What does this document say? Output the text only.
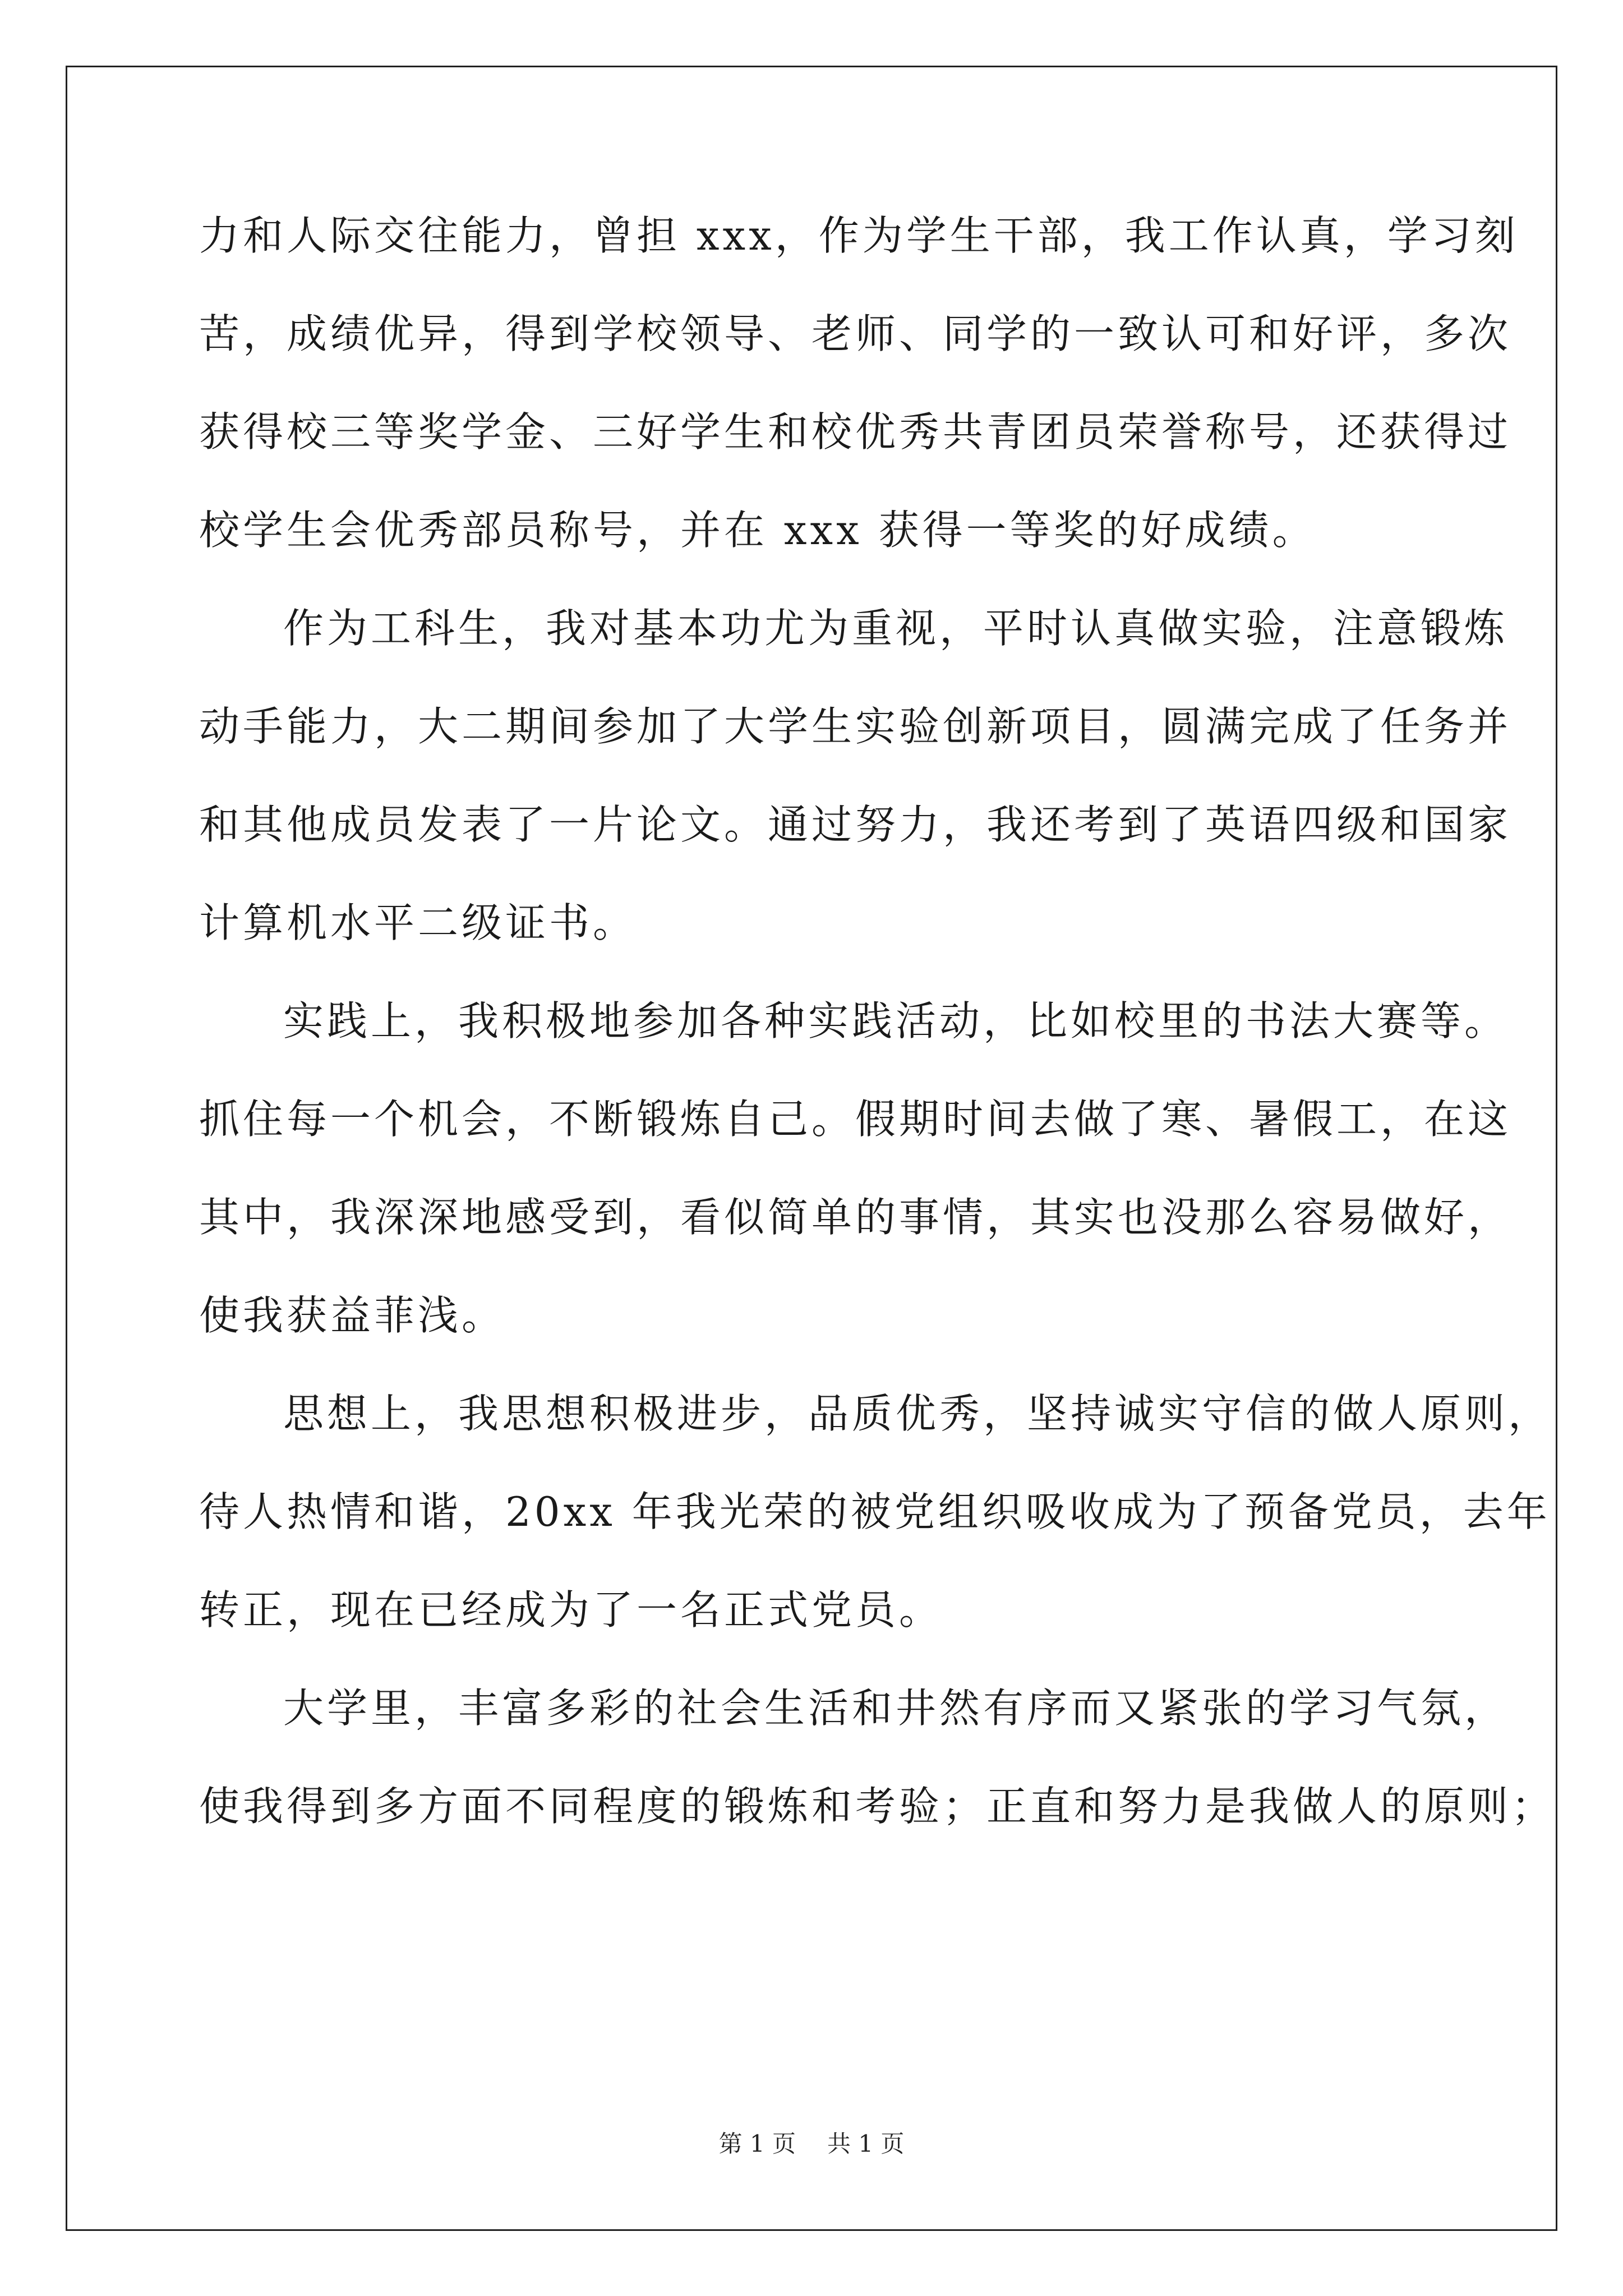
力和人际交往能力，曾担 xxx，作为学生干部，我工作认真，学习刻
苦，成绩优异，得到学校领导、老师、同学的一致认可和好评，多次
获得校三等奖学金、三好学生和校优秀共青团员荣誉称号，还获得过
校学生会优秀部员称号，并在 xxx 获得一等奖的好成绩。
作为工科生，我对基本功尤为重视，平时认真做实验，注意锻炼
动手能力，大二期间参加了大学生实验创新项目，圆满完成了任务并
和其他成员发表了一片论文。通过努力，我还考到了英语四级和国家
计算机水平二级证书。
实践上，我积极地参加各种实践活动，比如校里的书法大赛等。
抓住每一个机会，不断锻炼自己。假期时间去做了寒、暑假工，在这
其中，我深深地感受到，看似简单的事情，其实也没那么容易做好，
使我获益菲浅。
思想上，我思想积极进步，品质优秀，坚持诚实守信的做人原则，
待人热情和谐，20xx 年我光荣的被党组织吸收成为了预备党员，去年
转正，现在已经成为了一名正式党员。
大学里，丰富多彩的社会生活和井然有序而又紧张的学习气氛，
使我得到多方面不同程度的锻炼和考验；正直和努力是我做人的原则；
第 1 页 共 1 页
